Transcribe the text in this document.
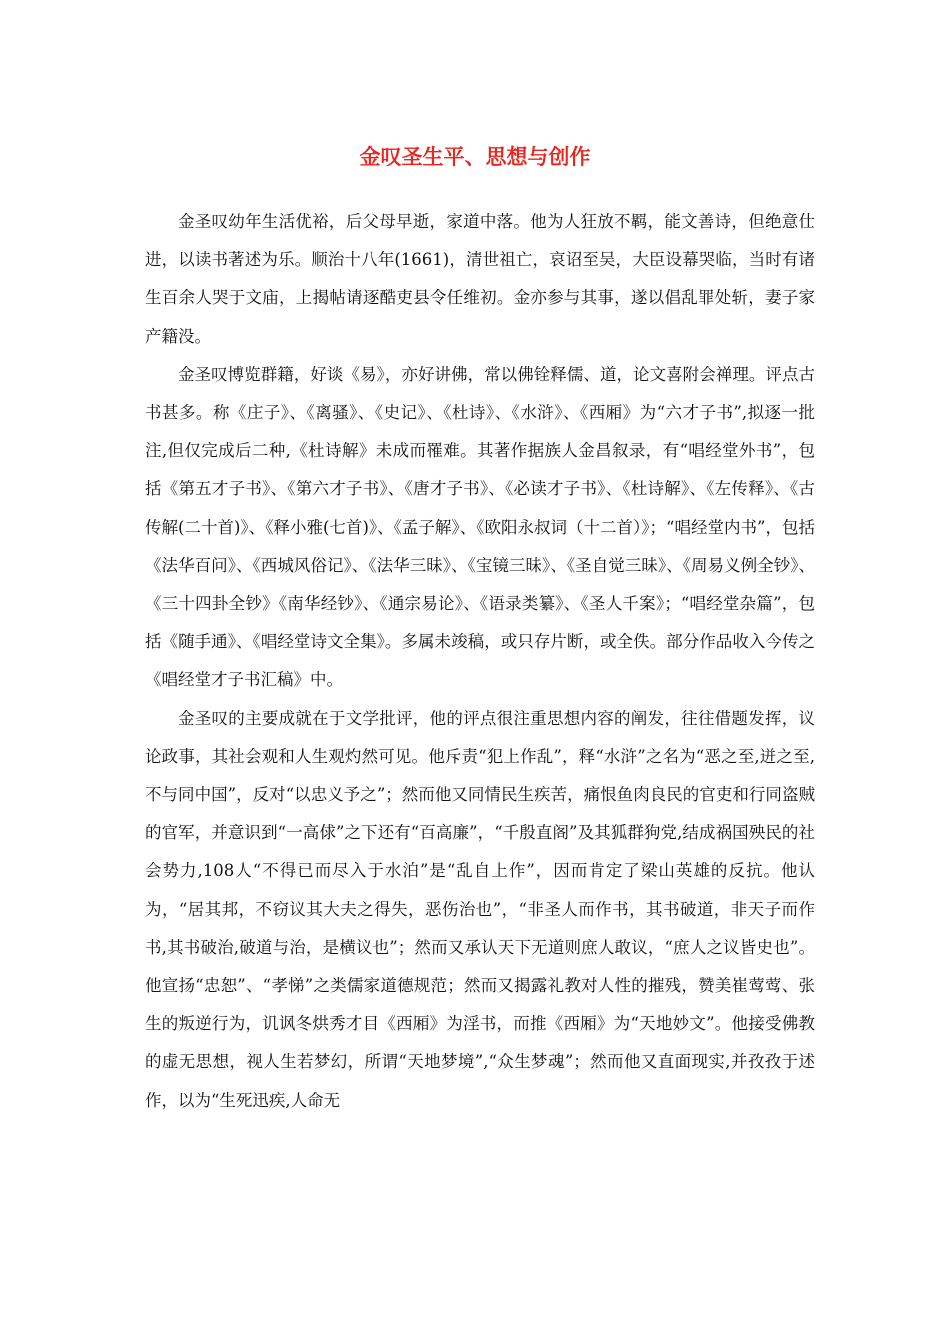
金叹圣生平、思想与创作

金圣叹幼年生活优裕，后父母早逝，家道中落。他为人狂放不羁，能文善诗，但绝意仕进，以读书著述为乐。顺治十八年(1661)，清世祖亡，哀诏至吴，大臣设幕哭临，当时有诸生百余人哭于文庙，上揭帖请逐酷吏县令任维初。金亦参与其事，遂以倡乱罪处斩，妻子家产籍没。

金圣叹博览群籍，好谈《易》，亦好讲佛，常以佛铨释儒、道，论文喜附会禅理。评点古书甚多。称《庄子》、《离骚》、《史记》、《杜诗》、《水浒》、《西厢》为“六才子书”,拟逐一批注,但仅完成后二种,《杜诗解》未成而罹难。其著作据族人金昌叙录，有“唱经堂外书”，包括《第五才子书》、《第六才子书》、《唐才子书》、《必读才子书》、《杜诗解》、《左传释》、《古传解(二十首)》、《释小雅(七首)》、《孟子解》、《欧阳永叔词（十二首）》；“唱经堂内书”，包括《法华百问》、《西城风俗记》、《法华三昧》、《宝镜三昧》、《圣自觉三昧》、《周易义例全钞》、《三十四卦全钞》《南华经钞》、《通宗易论》、《语录类纂》、《圣人千案》；“唱经堂杂篇”，包括《随手通》、《唱经堂诗文全集》。多属未竣稿，或只存片断，或全佚。部分作品收入今传之《唱经堂才子书汇稿》中。

金圣叹的主要成就在于文学批评，他的评点很注重思想内容的阐发，往往借题发挥，议论政事，其社会观和人生观灼然可见。他斥责“犯上作乱”，释“水浒”之名为“恶之至,迸之至,不与同中国”，反对“以忠义予之”；然而他又同情民生疾苦，痛恨鱼肉良民的官吏和行同盗贼的官军，并意识到“一高俅”之下还有“百高廉”，“千殷直阁”及其狐群狗党,结成祸国殃民的社会势力,108人“不得已而尽入于水泊”是“乱自上作”，因而肯定了梁山英雄的反抗。他认为，“居其邦，不窃议其大夫之得失，恶伤治也”，“非圣人而作书，其书破道，非天子而作书,其书破治,破道与治，是横议也”；然而又承认天下无道则庶人敢议，“庶人之议皆史也”。他宣扬“忠恕”、“孝悌”之类儒家道德规范；然而又揭露礼教对人性的摧残，赞美崔莺莺、张生的叛逆行为，讥讽冬烘秀才目《西厢》为淫书，而推《西厢》为“天地妙文”。他接受佛教的虚无思想，视人生若梦幻，所谓“天地梦境”,“众生梦魂”；然而他又直面现实,并孜孜于述作，以为“生死迅疾,人命无
